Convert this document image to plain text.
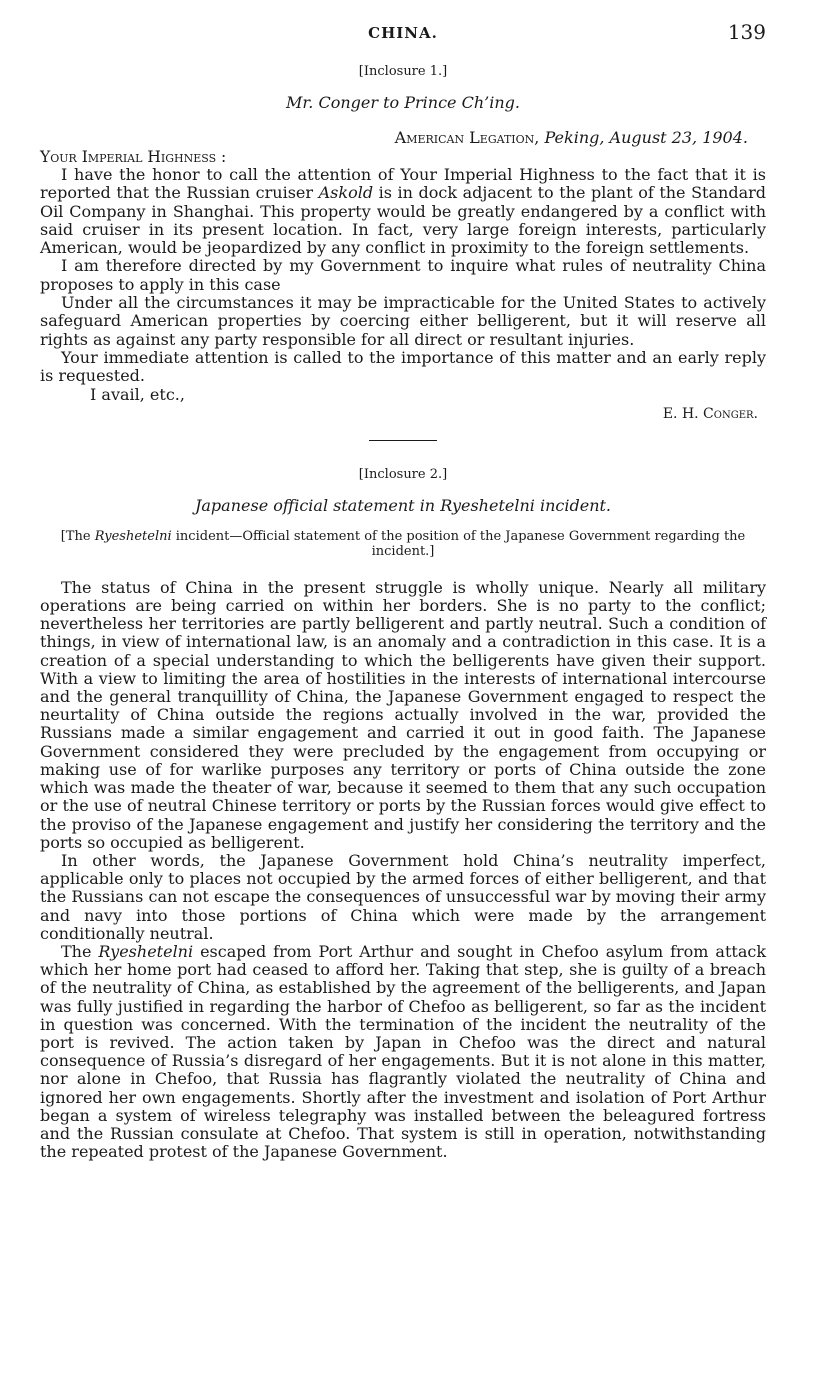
CHINA.	139
[Inclosure 1.]
Mr. Conger to Prince Ch’ing.
American Legation, Peking, August 23, 1904.
Your Imperial Highness :

I have the honor to call the attention of Your Imperial Highness to the fact that it is reported that the Russian cruiser Askold is in dock adjacent to the plant of the Standard Oil Company in Shanghai. This property would be greatly endangered by a conflict with said cruiser in its present location. In fact, very large foreign interests, particularly American, would be jeopardized by any conflict in proximity to the foreign settlements.

I am therefore directed by my Government to inquire what rules of neutrality China proposes to apply in this case

Under all the circumstances it may be impracticable for the United States to actively safeguard American properties by coercing either belligerent, but it will reserve all rights as against any party responsible for all direct or resultant injuries.

Your immediate attention is called to the importance of this matter and an early reply is requested.

I avail, etc.,
E. H. Conger.
[Inclosure 2.]
Japanese official statement in Ryeshetelni incident.
[The Ryeshetelni incident—Official statement of the position of the Japanese Government regarding the incident.]

The status of China in the present struggle is wholly unique. Nearly all military operations are being carried on within her borders. She is no party to the conflict; nevertheless her territories are partly belligerent and partly neutral. Such a condition of things, in view of international law, is an anomaly and a contradiction in this case. It is a creation of a special understanding to which the belligerents have given their support. With a view to limiting the area of hostilities in the interests of international intercourse and the general tranquillity of China, the Japanese Government engaged to respect the neurtality of China outside the regions actually involved in the war, provided the Russians made a similar engagement and carried it out in good faith. The Japanese Government considered they were precluded by the engagement from occupying or making use of for warlike purposes any territory or ports of China outside the zone which was made the theater of war, because it seemed to them that any such occupation or the use of neutral Chinese territory or ports by the Russian forces would give effect to the proviso of the Japanese engagement and justify her considering the territory and the ports so occupied as belligerent.

In other words, the Japanese Government hold China’s neutrality imperfect, applicable only to places not occupied by the armed forces of either belligerent, and that the Russians can not escape the consequences of unsuccessful war by moving their army and navy into those portions of China which were made by the arrangement conditionally neutral.

The Ryeshetelni escaped from Port Arthur and sought in Chefoo asylum from attack which her home port had ceased to afford her. Taking that step, she is guilty of a breach of the neutrality of China, as established by the agreement of the belligerents, and Japan was fully justified in regarding the harbor of Chefoo as belligerent, so far as the incident in question was concerned. With the termination of the incident the neutrality of the port is revived. The action taken by Japan in Chefoo was the direct and natural consequence of Russia’s disregard of her engagements. But it is not alone in this matter, nor alone in Chefoo, that Russia has flagrantly violated the neutrality of China and ignored her own engagements. Shortly after the investment and isolation of Port Arthur began a system of wireless telegraphy was installed between the beleagured fortress and the Russian consulate at Chefoo. That system is still in operation, notwithstanding the repeated protest of the Japanese Government.
